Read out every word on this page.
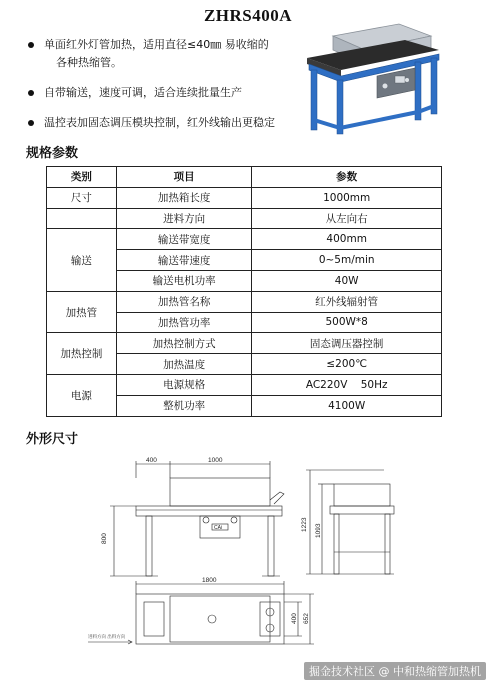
ZHRS400A
单面红外灯管加热，适用直径≤40㎜ 易收缩的
各种热缩管。
自带输送，速度可调，适合连续批量生产
温控表加固态调压模块控制，红外线输出更稳定
规格参数
类别	项目	参数
尺寸	加热箱长度	1000mm
	进料方向	从左向右
输送	输送带宽度	400mm
	输送带速度	0~5m/min
	输送电机功率	40W
加热管	加热管名称	红外线辐射管
	加热管功率	500W*8
加热控制	加热控制方式	固态调压器控制
	加热温度	≤200℃
电源	电源规格	AC220V    50Hz
	整机功率	4100W
外形尺寸
400	1000
CAi
800
1223 1093
1800
400 652
进料方向 出料方向
掘金技术社区 @ 中和热缩管加热机
